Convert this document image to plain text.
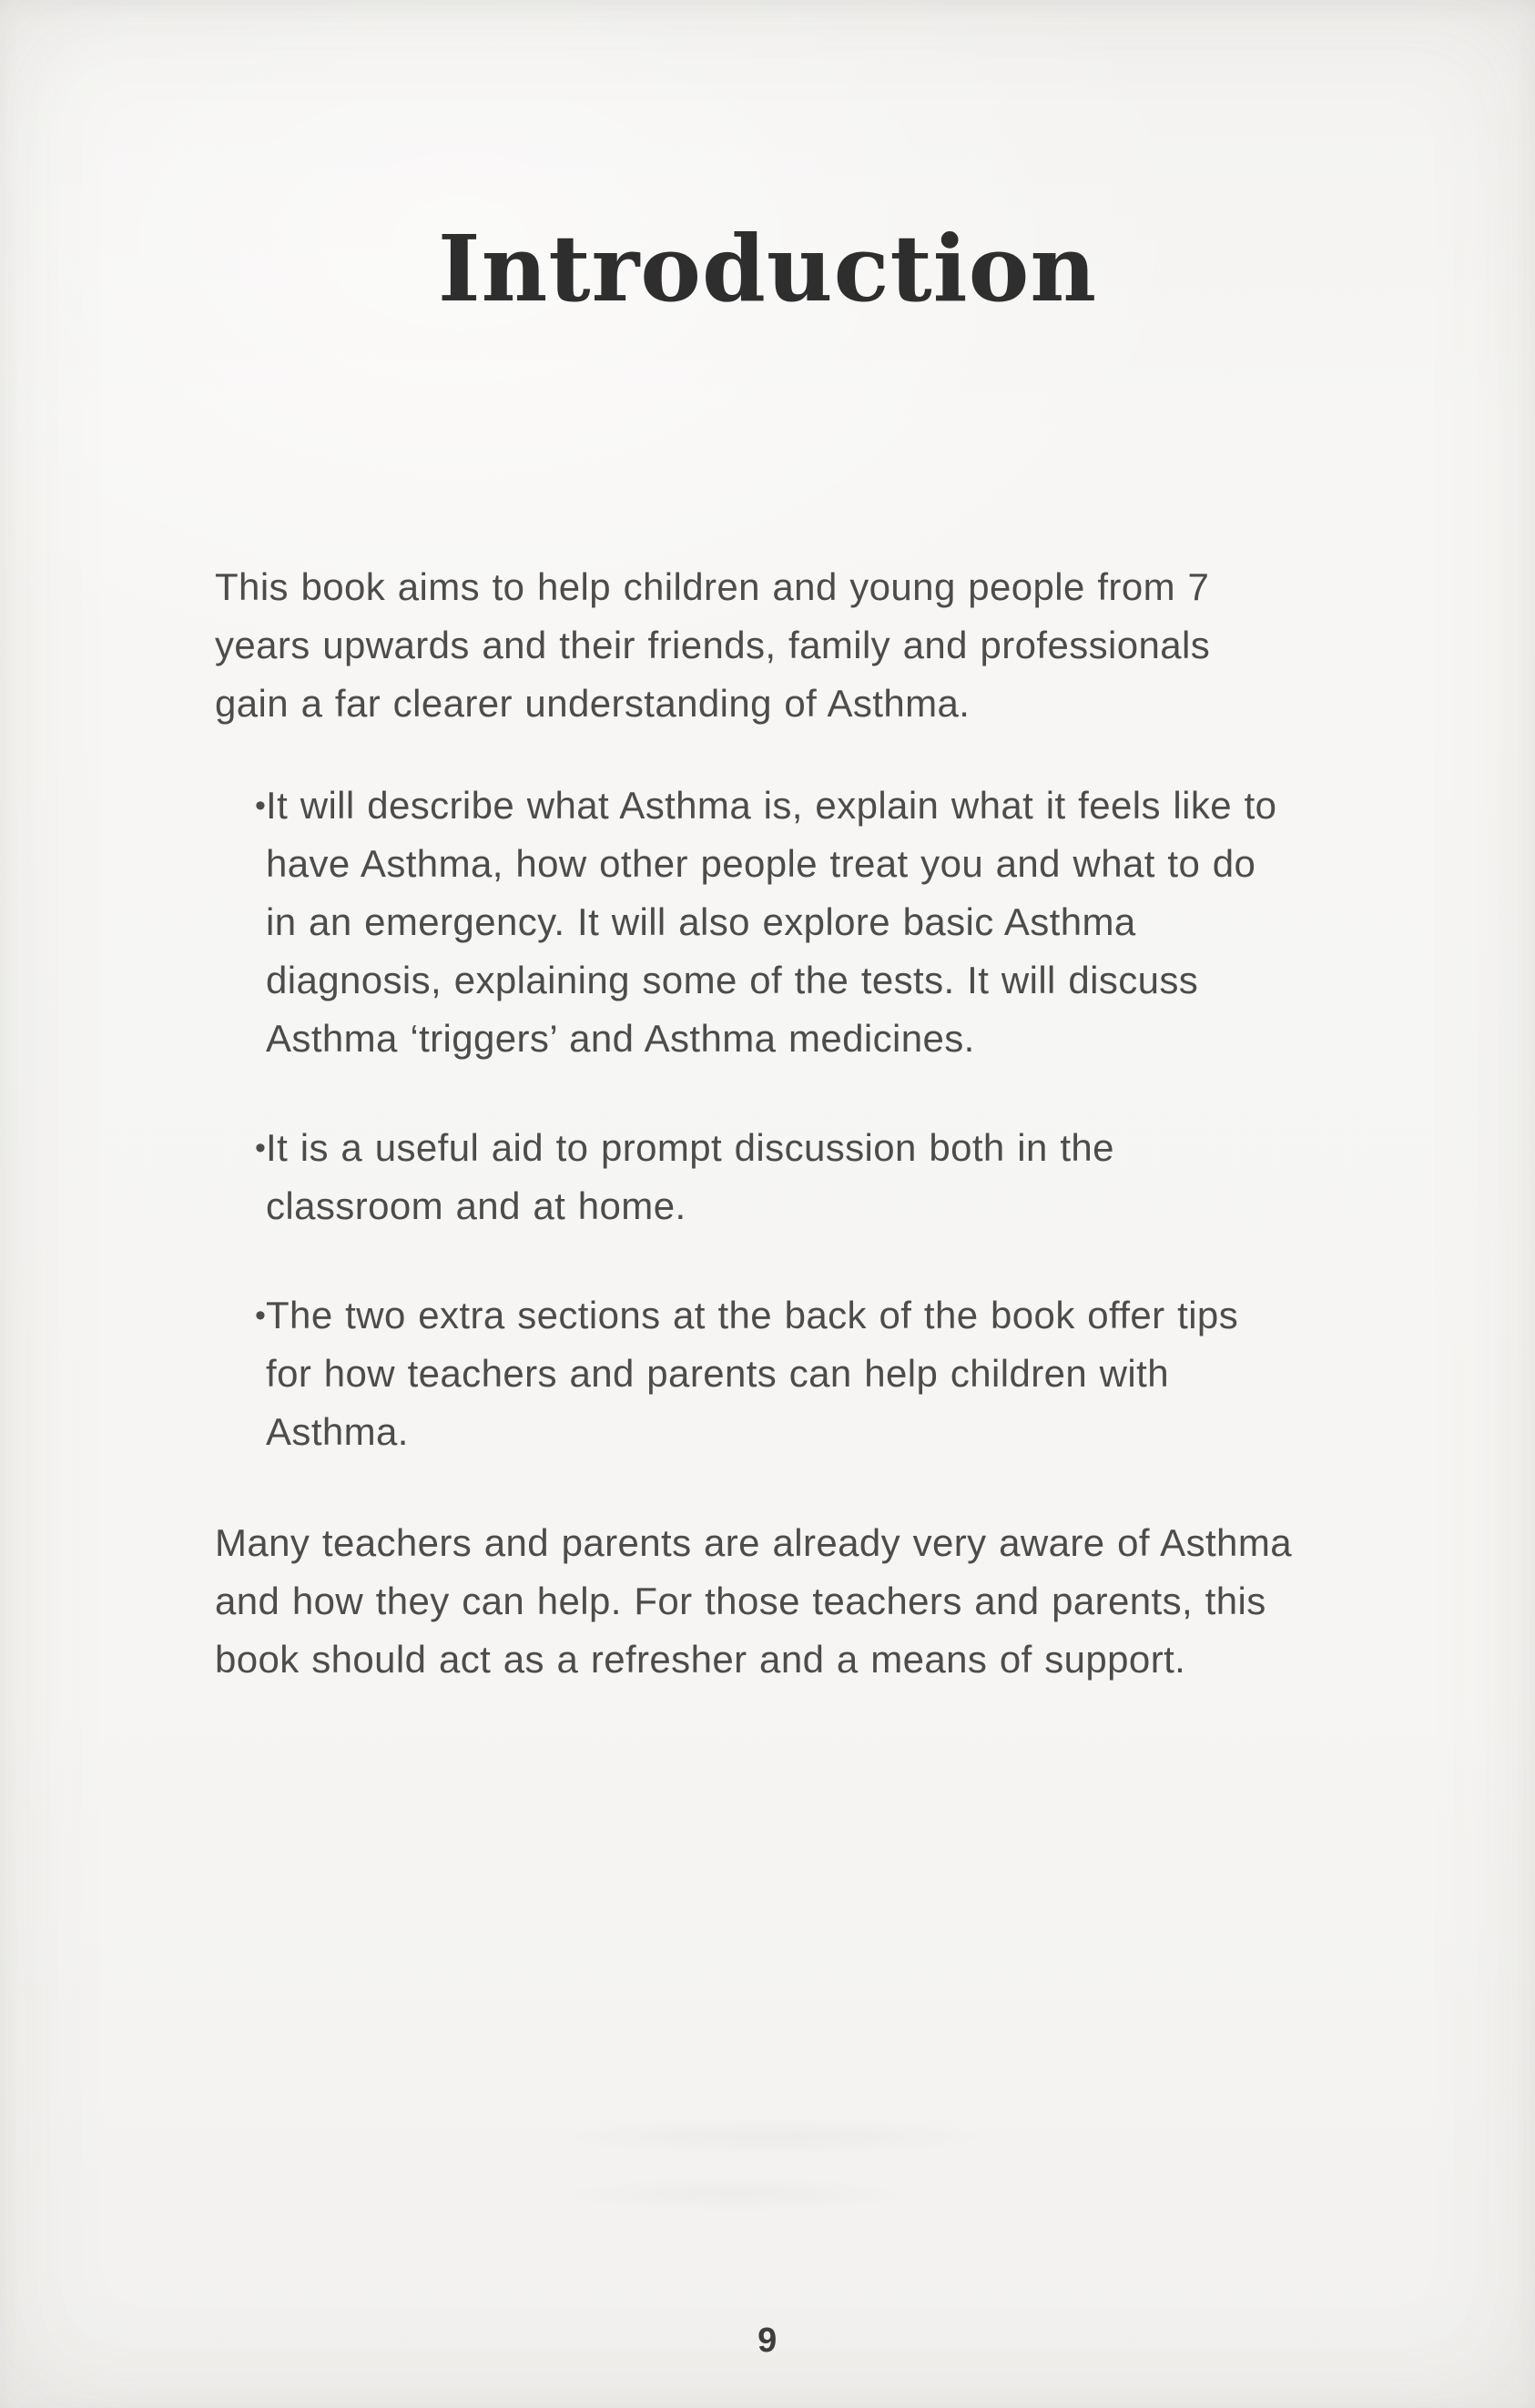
Introduction

This book aims to help children and young people from 7 years upwards and their friends, family and professionals gain a far clearer understanding of Asthma.

• It will describe what Asthma is, explain what it feels like to have Asthma, how other people treat you and what to do in an emergency. It will also explore basic Asthma diagnosis, explaining some of the tests. It will discuss Asthma ‘triggers’ and Asthma medicines.
• It is a useful aid to prompt discussion both in the classroom and at home.
• The two extra sections at the back of the book offer tips for how teachers and parents can help children with Asthma.

Many teachers and parents are already very aware of Asthma and how they can help. For those teachers and parents, this book should act as a refresher and a means of support.

9
